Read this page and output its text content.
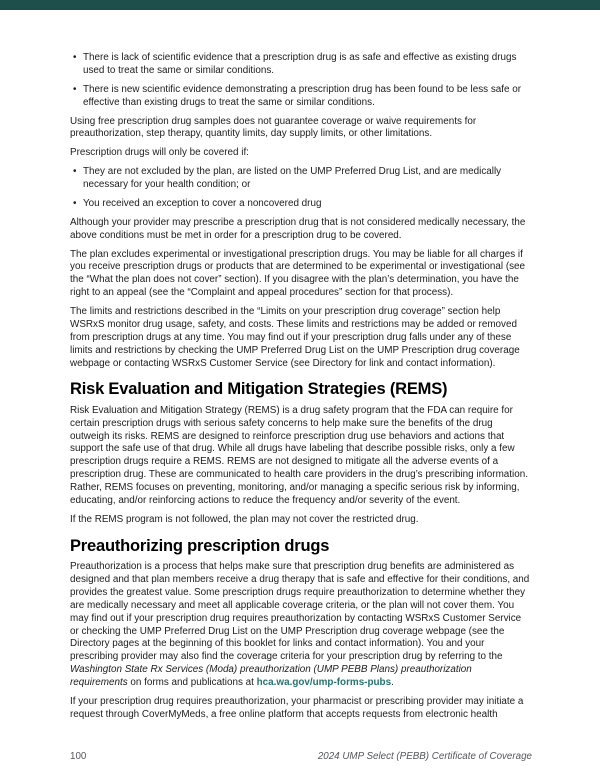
• There is lack of scientific evidence that a prescription drug is as safe and effective as existing drugs used to treat the same or similar conditions.
• There is new scientific evidence demonstrating a prescription drug has been found to be less safe or effective than existing drugs to treat the same or similar conditions.

Using free prescription drug samples does not guarantee coverage or waive requirements for preauthorization, step therapy, quantity limits, day supply limits, or other limitations.

Prescription drugs will only be covered if:

• They are not excluded by the plan, are listed on the UMP Preferred Drug List, and are medically necessary for your health condition; or
• You received an exception to cover a noncovered drug

Although your provider may prescribe a prescription drug that is not considered medically necessary, the above conditions must be met in order for a prescription drug to be covered.

The plan excludes experimental or investigational prescription drugs. You may be liable for all charges if you receive prescription drugs or products that are determined to be experimental or investigational (see the “What the plan does not cover” section). If you disagree with the plan’s determination, you have the right to an appeal (see the “Complaint and appeal procedures” section for that process).

The limits and restrictions described in the “Limits on your prescription drug coverage” section help WSRxS monitor drug usage, safety, and costs. These limits and restrictions may be added or removed from prescription drugs at any time. You may find out if your prescription drug falls under any of these limits and restrictions by checking the UMP Preferred Drug List on the UMP Prescription drug coverage webpage or contacting WSRxS Customer Service (see Directory for link and contact information).

Risk Evaluation and Mitigation Strategies (REMS)

Risk Evaluation and Mitigation Strategy (REMS) is a drug safety program that the FDA can require for certain prescription drugs with serious safety concerns to help make sure the benefits of the drug outweigh its risks. REMS are designed to reinforce prescription drug use behaviors and actions that support the safe use of that drug. While all drugs have labeling that describe possible risks, only a few prescription drugs require a REMS. REMS are not designed to mitigate all the adverse events of a prescription drug. These are communicated to health care providers in the drug’s prescribing information. Rather, REMS focuses on preventing, monitoring, and/or managing a specific serious risk by informing, educating, and/or reinforcing actions to reduce the frequency and/or severity of the event.

If the REMS program is not followed, the plan may not cover the restricted drug.

Preauthorizing prescription drugs

Preauthorization is a process that helps make sure that prescription drug benefits are administered as designed and that plan members receive a drug therapy that is safe and effective for their conditions, and provides the greatest value. Some prescription drugs require preauthorization to determine whether they are medically necessary and meet all applicable coverage criteria, or the plan will not cover them. You may find out if your prescription drug requires preauthorization by contacting WSRxS Customer Service or checking the UMP Preferred Drug List on the UMP Prescription drug coverage webpage (see the Directory pages at the beginning of this booklet for links and contact information). You and your prescribing provider may also find the coverage criteria for your prescription drug by referring to the Washington State Rx Services (Moda) preauthorization (UMP PEBB Plans) preauthorization requirements on forms and publications at hca.wa.gov/ump-forms-pubs.

If your prescription drug requires preauthorization, your pharmacist or prescribing provider may initiate a request through CoverMyMeds, a free online platform that accepts requests from electronic health

100	2024 UMP Select (PEBB) Certificate of Coverage
